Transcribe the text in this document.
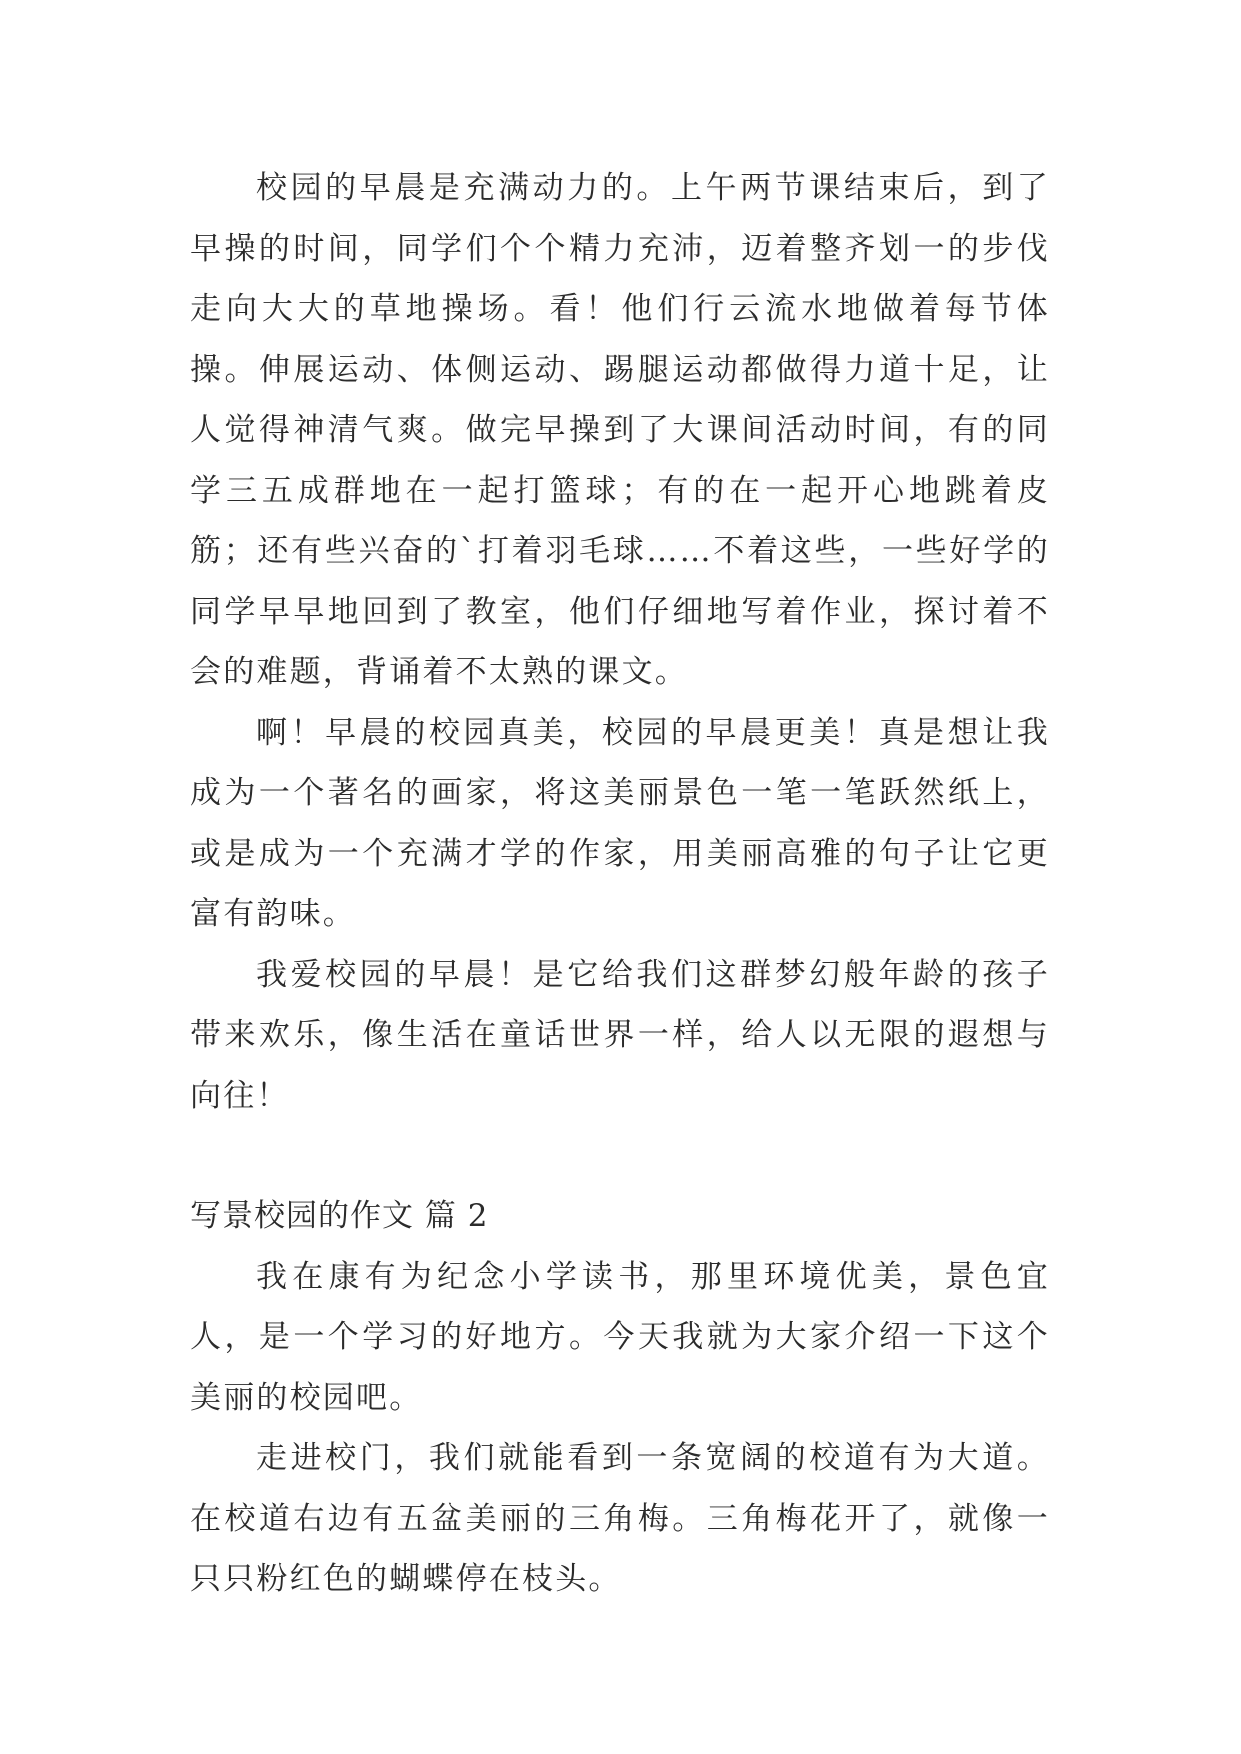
校园的早晨是充满动力的。上午两节课结束后，到了早操的时间，同学们个个精力充沛，迈着整齐划一的步伐走向大大的草地操场。看！他们行云流水地做着每节体操。伸展运动、体侧运动、踢腿运动都做得力道十足，让人觉得神清气爽。做完早操到了大课间活动时间，有的同学三五成群地在一起打篮球；有的在一起开心地跳着皮筋；还有些兴奋的`打着羽毛球……不着这些，一些好学的同学早早地回到了教室，他们仔细地写着作业，探讨着不会的难题，背诵着不太熟的课文。

啊！早晨的校园真美，校园的早晨更美！真是想让我成为一个著名的画家，将这美丽景色一笔一笔跃然纸上，或是成为一个充满才学的作家，用美丽高雅的句子让它更富有韵味。

我爱校园的早晨！是它给我们这群梦幻般年龄的孩子带来欢乐，像生活在童话世界一样，给人以无限的遐想与向往！

写景校园的作文 篇 2

我在康有为纪念小学读书，那里环境优美，景色宜人，是一个学习的好地方。今天我就为大家介绍一下这个美丽的校园吧。

走进校门，我们就能看到一条宽阔的校道有为大道。在校道右边有五盆美丽的三角梅。三角梅花开了，就像一只只粉红色的蝴蝶停在枝头。
